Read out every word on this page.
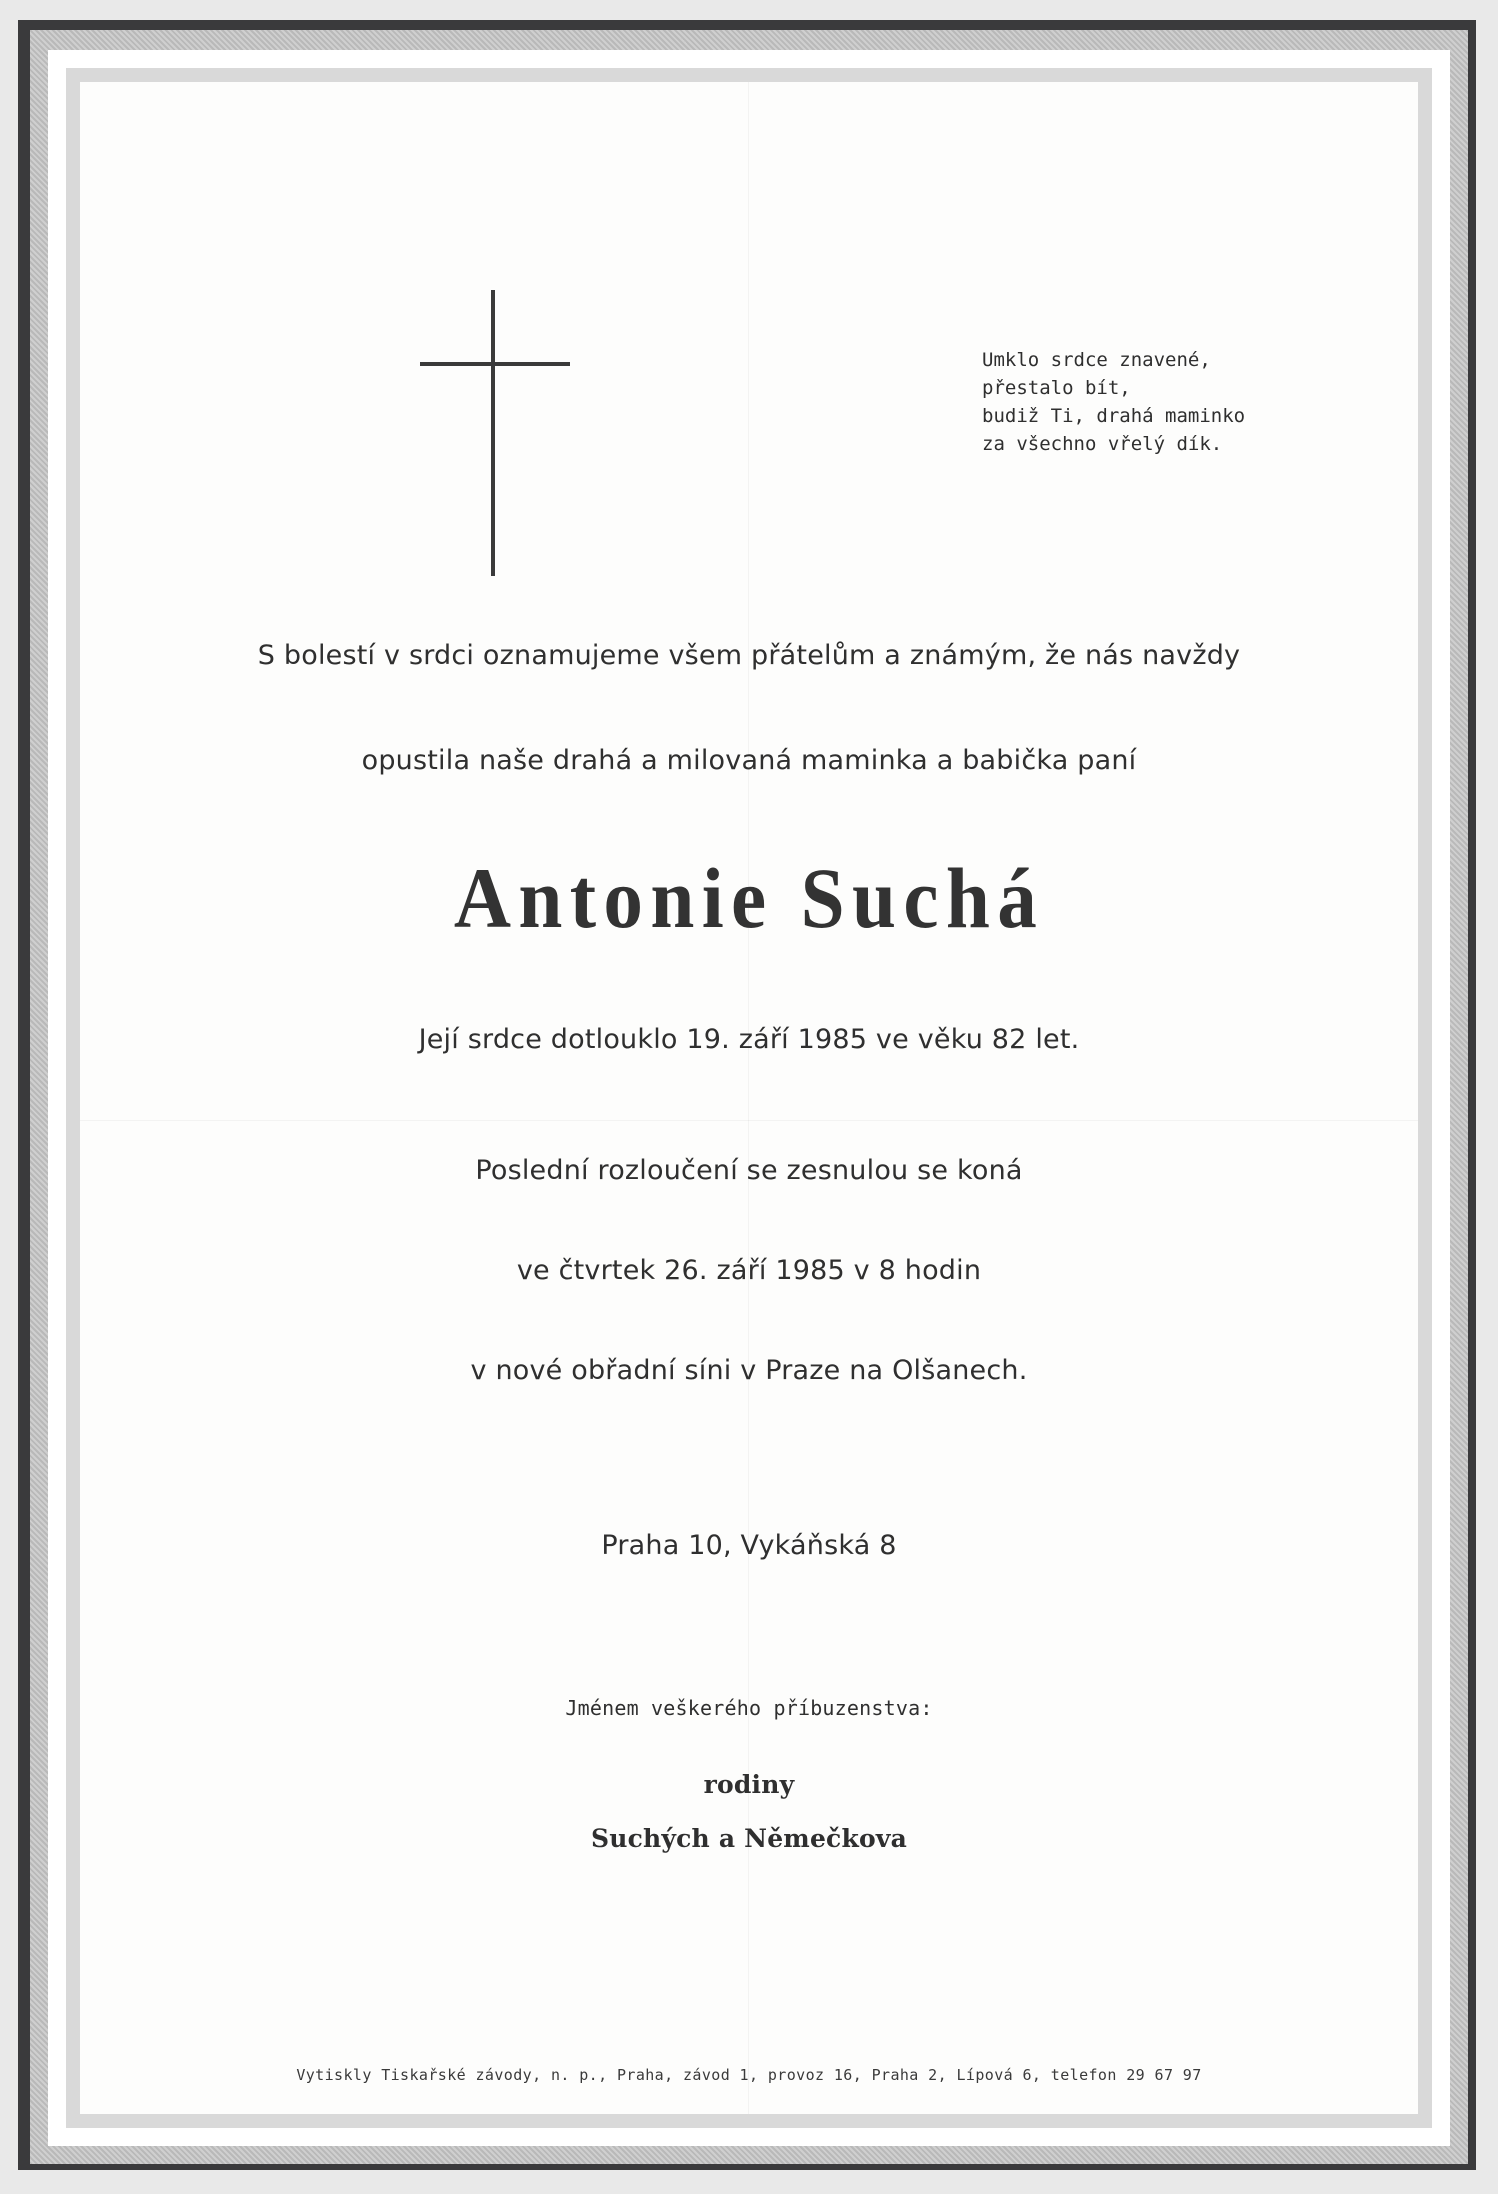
Umklo srdce znavené,
přestalo bít,
budiž Ti, drahá maminko
za všechno vřelý dík.
S bolestí v srdci oznamujeme všem přátelům a známým, že nás navždy
opustila naše drahá a milovaná maminka a babička paní
Antonie Suchá
Její srdce dotlouklo 19. září 1985 ve věku 82 let.
Poslední rozloučení se zesnulou se koná
ve čtvrtek 26. září 1985 v 8 hodin
v nové obřadní síni v Praze na Olšanech.
Praha 10, Vykáňská 8
Jménem veškerého příbuzenstva:
rodiny
Suchých a Němečkova
Vytiskly Tiskařské závody, n. p., Praha, závod 1, provoz 16, Praha 2, Lípová 6, telefon 29 67 97
